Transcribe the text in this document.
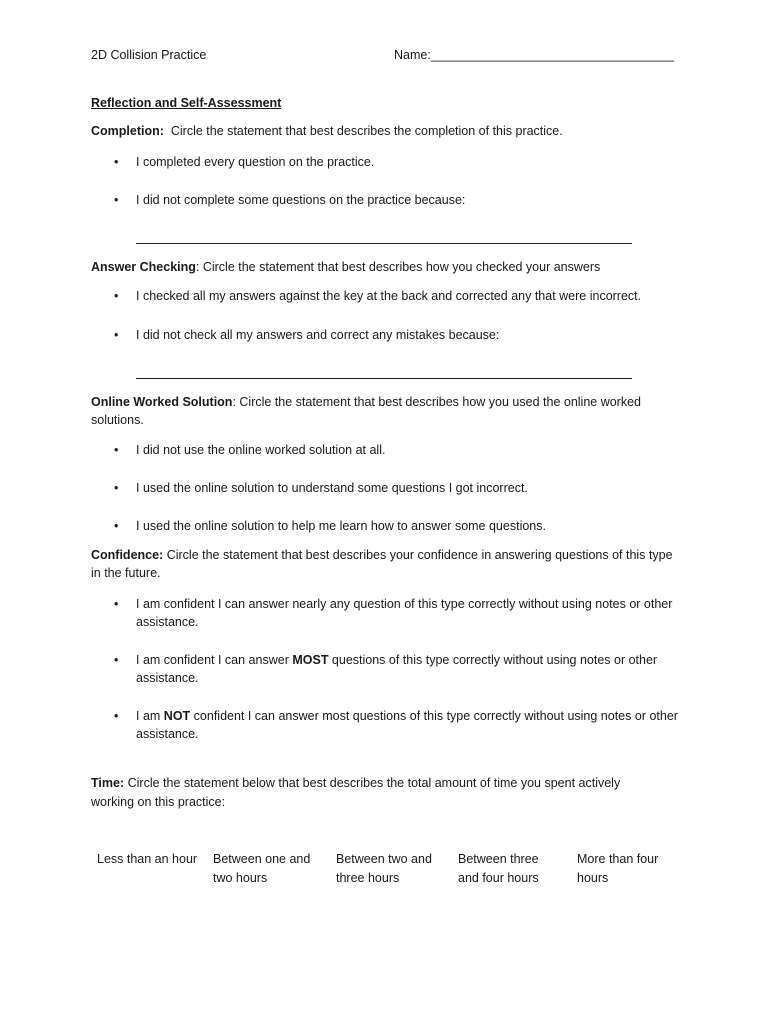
2D Collision Practice	Name:___________________________________
Reflection and Self-Assessment

Completion: Circle the statement that best describes the completion of this practice.

•	I completed every question on the practice.
•	I did not complete some questions on the practice because:

Answer Checking: Circle the statement that best describes how you checked your answers

•	I checked all my answers against the key at the back and corrected any that were incorrect.
•	I did not check all my answers and correct any mistakes because:

Online Worked Solution: Circle the statement that best describes how you used the online worked solutions.

•	I did not use the online worked solution at all.
•	I used the online solution to understand some questions I got incorrect.
•	I used the online solution to help me learn how to answer some questions.

Confidence: Circle the statement that best describes your confidence in answering questions of this type in the future.

•	I am confident I can answer nearly any question of this type correctly without using notes or other assistance.
•	I am confident I can answer MOST questions of this type correctly without using notes or other assistance.
•	I am NOT confident I can answer most questions of this type correctly without using notes or other assistance.

Time: Circle the statement below that best describes the total amount of time you spent actively working on this practice:

Less than an hour Between one and
two hours
Between two and
three hours
Between three
and four hours
More than four
hours
